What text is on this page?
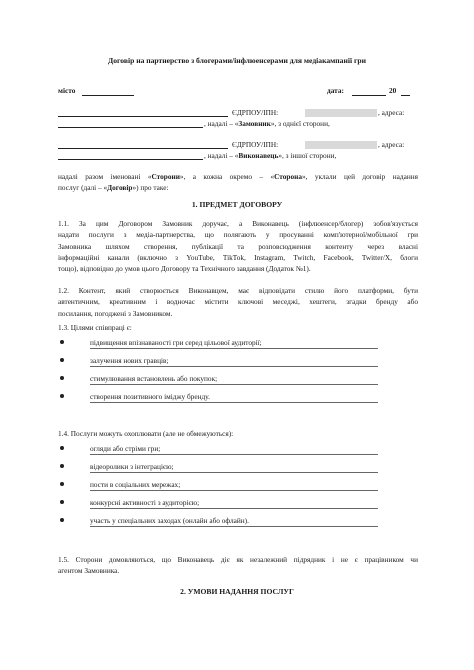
Договір на партнерство з блогерами/інфлюенсерами для медіакампанії гри
місто	дата:	20
ЄДРПОУ/ІПН:	, адреса:
, надалі – «Замовник», з однієї сторони,
ЄДРПОУ/ІПН:	, адреса:
, надалі – «Виконавець», з іншої сторони,
надалі разом іменовані «Сторони», а кожна окремо – «Сторона», уклали цей договір надання
послуг (далі – «Договір») про таке:
1. ПРЕДМЕТ ДОГОВОРУ
1.1. За цим Договором Замовник доручає, а Виконавець (інфлюенсер/блогер) зобов'язується
надати послуги з медіа-партнерства, що полягають у просуванні комп'ютерної/мобільної гри
Замовника шляхом створення, публікації та розповсюдження контенту через власні
інформаційні канали (включно з YouTube, TikTok, Instagram, Twitch, Facebook, Twitter/X, блоги
тощо), відповідно до умов цього Договору та Технічного завдання (Додаток №1).
1.2. Контент, який створюється Виконавцем, має відповідати стилю його платформи, бути
автентичним, креативним і водночас містити ключові меседжі, хештеги, згадки бренду або
посилання, погоджені з Замовником.
1.3. Цілями співпраці є:
підвищення впізнаваності гри серед цільової аудиторії;
залучення нових гравців;
стимулювання встановлень або покупок;
створення позитивного іміджу бренду.
1.4. Послуги можуть охоплювати (але не обмежуються):
огляди або стріми гри;
відеоролики з інтеграцією;
пости в соціальних мережах;
конкурсні активності з аудиторією;
участь у спеціальних заходах (онлайн або офлайн).
1.5. Сторони домовляються, що Виконавець діє як незалежний підрядник і не є працівником чи
агентом Замовника.
2. УМОВИ НАДАННЯ ПОСЛУГ
